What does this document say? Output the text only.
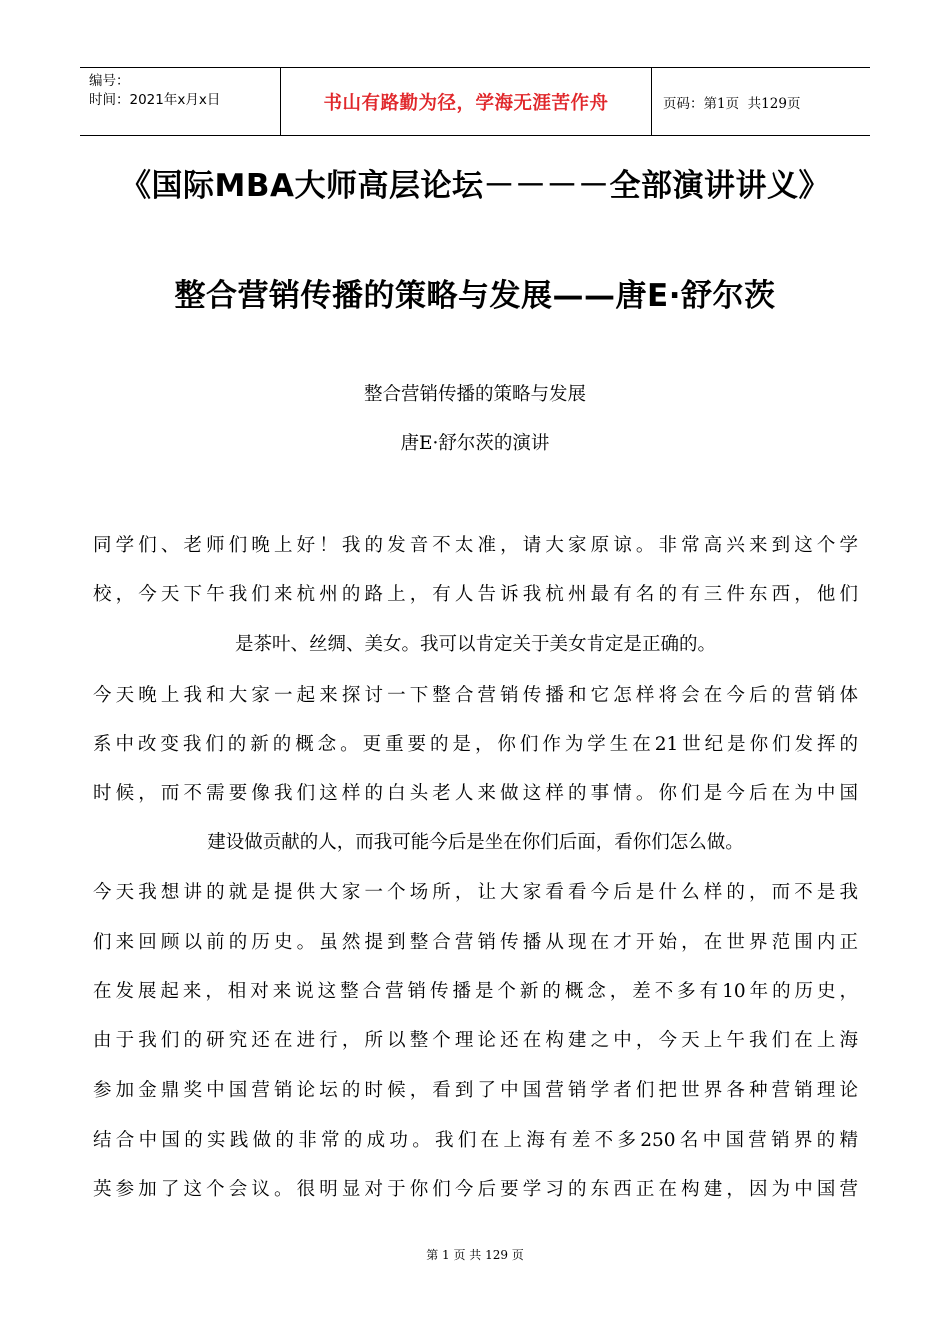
编号：
时间：2021年x月x日	书山有路勤为径，学海无涯苦作舟	页码：第1页  共129页
《国际MBA大师高层论坛－－－－全部演讲讲义》
整合营销传播的策略与发展——唐E·舒尔茨
整合营销传播的策略与发展
唐E·舒尔茨的演讲
同学们、老师们晚上好！我的发音不太准，请大家原谅。非常高兴来到这个学
校，今天下午我们来杭州的路上，有人告诉我杭州最有名的有三件东西，他们
是茶叶、丝绸、美女。我可以肯定关于美女肯定是正确的。
今天晚上我和大家一起来探讨一下整合营销传播和它怎样将会在今后的营销体
系中改变我们的新的概念。更重要的是，你们作为学生在21世纪是你们发挥的
时候，而不需要像我们这样的白头老人来做这样的事情。你们是今后在为中国
建设做贡献的人，而我可能今后是坐在你们后面，看你们怎么做。
今天我想讲的就是提供大家一个场所，让大家看看今后是什么样的，而不是我
们来回顾以前的历史。虽然提到整合营销传播从现在才开始，在世界范围内正
在发展起来，相对来说这整合营销传播是个新的概念，差不多有10年的历史，
由于我们的研究还在进行，所以整个理论还在构建之中，今天上午我们在上海
参加金鼎奖中国营销论坛的时候，看到了中国营销学者们把世界各种营销理论
结合中国的实践做的非常的成功。我们在上海有差不多250名中国营销界的精
英参加了这个会议。很明显对于你们今后要学习的东西正在构建，因为中国营
第 1 页 共 129 页
